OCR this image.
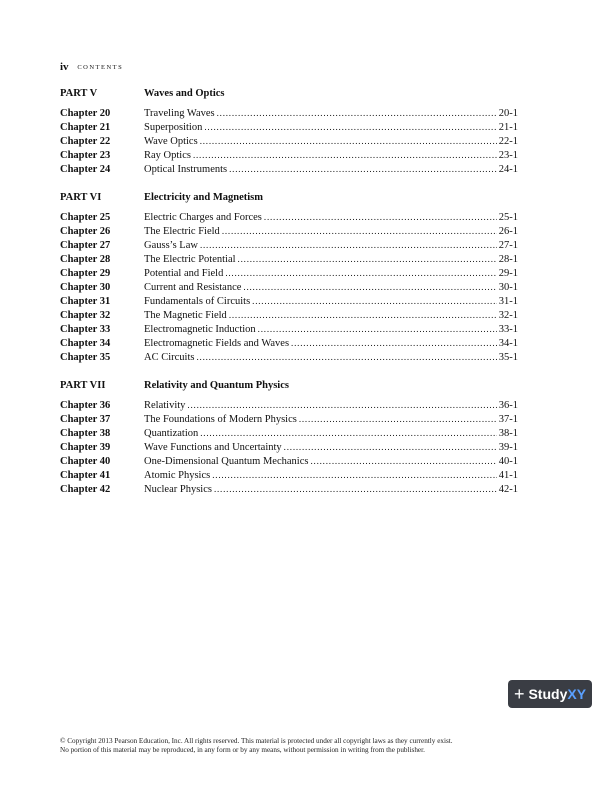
iv CONTENTS
PART V	Waves and Optics
Chapter 20	Traveling Waves .....	20-1
Chapter 21	Superposition .....	21-1
Chapter 22	Wave Optics .....	22-1
Chapter 23	Ray Optics .....	23-1
Chapter 24	Optical Instruments .....	24-1
PART VI	Electricity and Magnetism
Chapter 25	Electric Charges and Forces .....	25-1
Chapter 26	The Electric Field .....	26-1
Chapter 27	Gauss’s Law .....	27-1
Chapter 28	The Electric Potential .....	28-1
Chapter 29	Potential and Field .....	29-1
Chapter 30	Current and Resistance .....	30-1
Chapter 31	Fundamentals of Circuits .....	31-1
Chapter 32	The Magnetic Field .....	32-1
Chapter 33	Electromagnetic Induction .....	33-1
Chapter 34	Electromagnetic Fields and Waves .....	34-1
Chapter 35	AC Circuits .....	35-1
PART VII	Relativity and Quantum Physics
Chapter 36	Relativity .....	36-1
Chapter 37	The Foundations of Modern Physics .....	37-1
Chapter 38	Quantization .....	38-1
Chapter 39	Wave Functions and Uncertainty .....	39-1
Chapter 40	One-Dimensional Quantum Mechanics .....	40-1
Chapter 41	Atomic Physics .....	41-1
Chapter 42	Nuclear Physics .....	42-1
+ Study XY
© Copyright 2013 Pearson Education, Inc. All rights reserved. This material is protected under all copyright laws as they currently exist.
No portion of this material may be reproduced, in any form or by any means, without permission in writing from the publisher.
